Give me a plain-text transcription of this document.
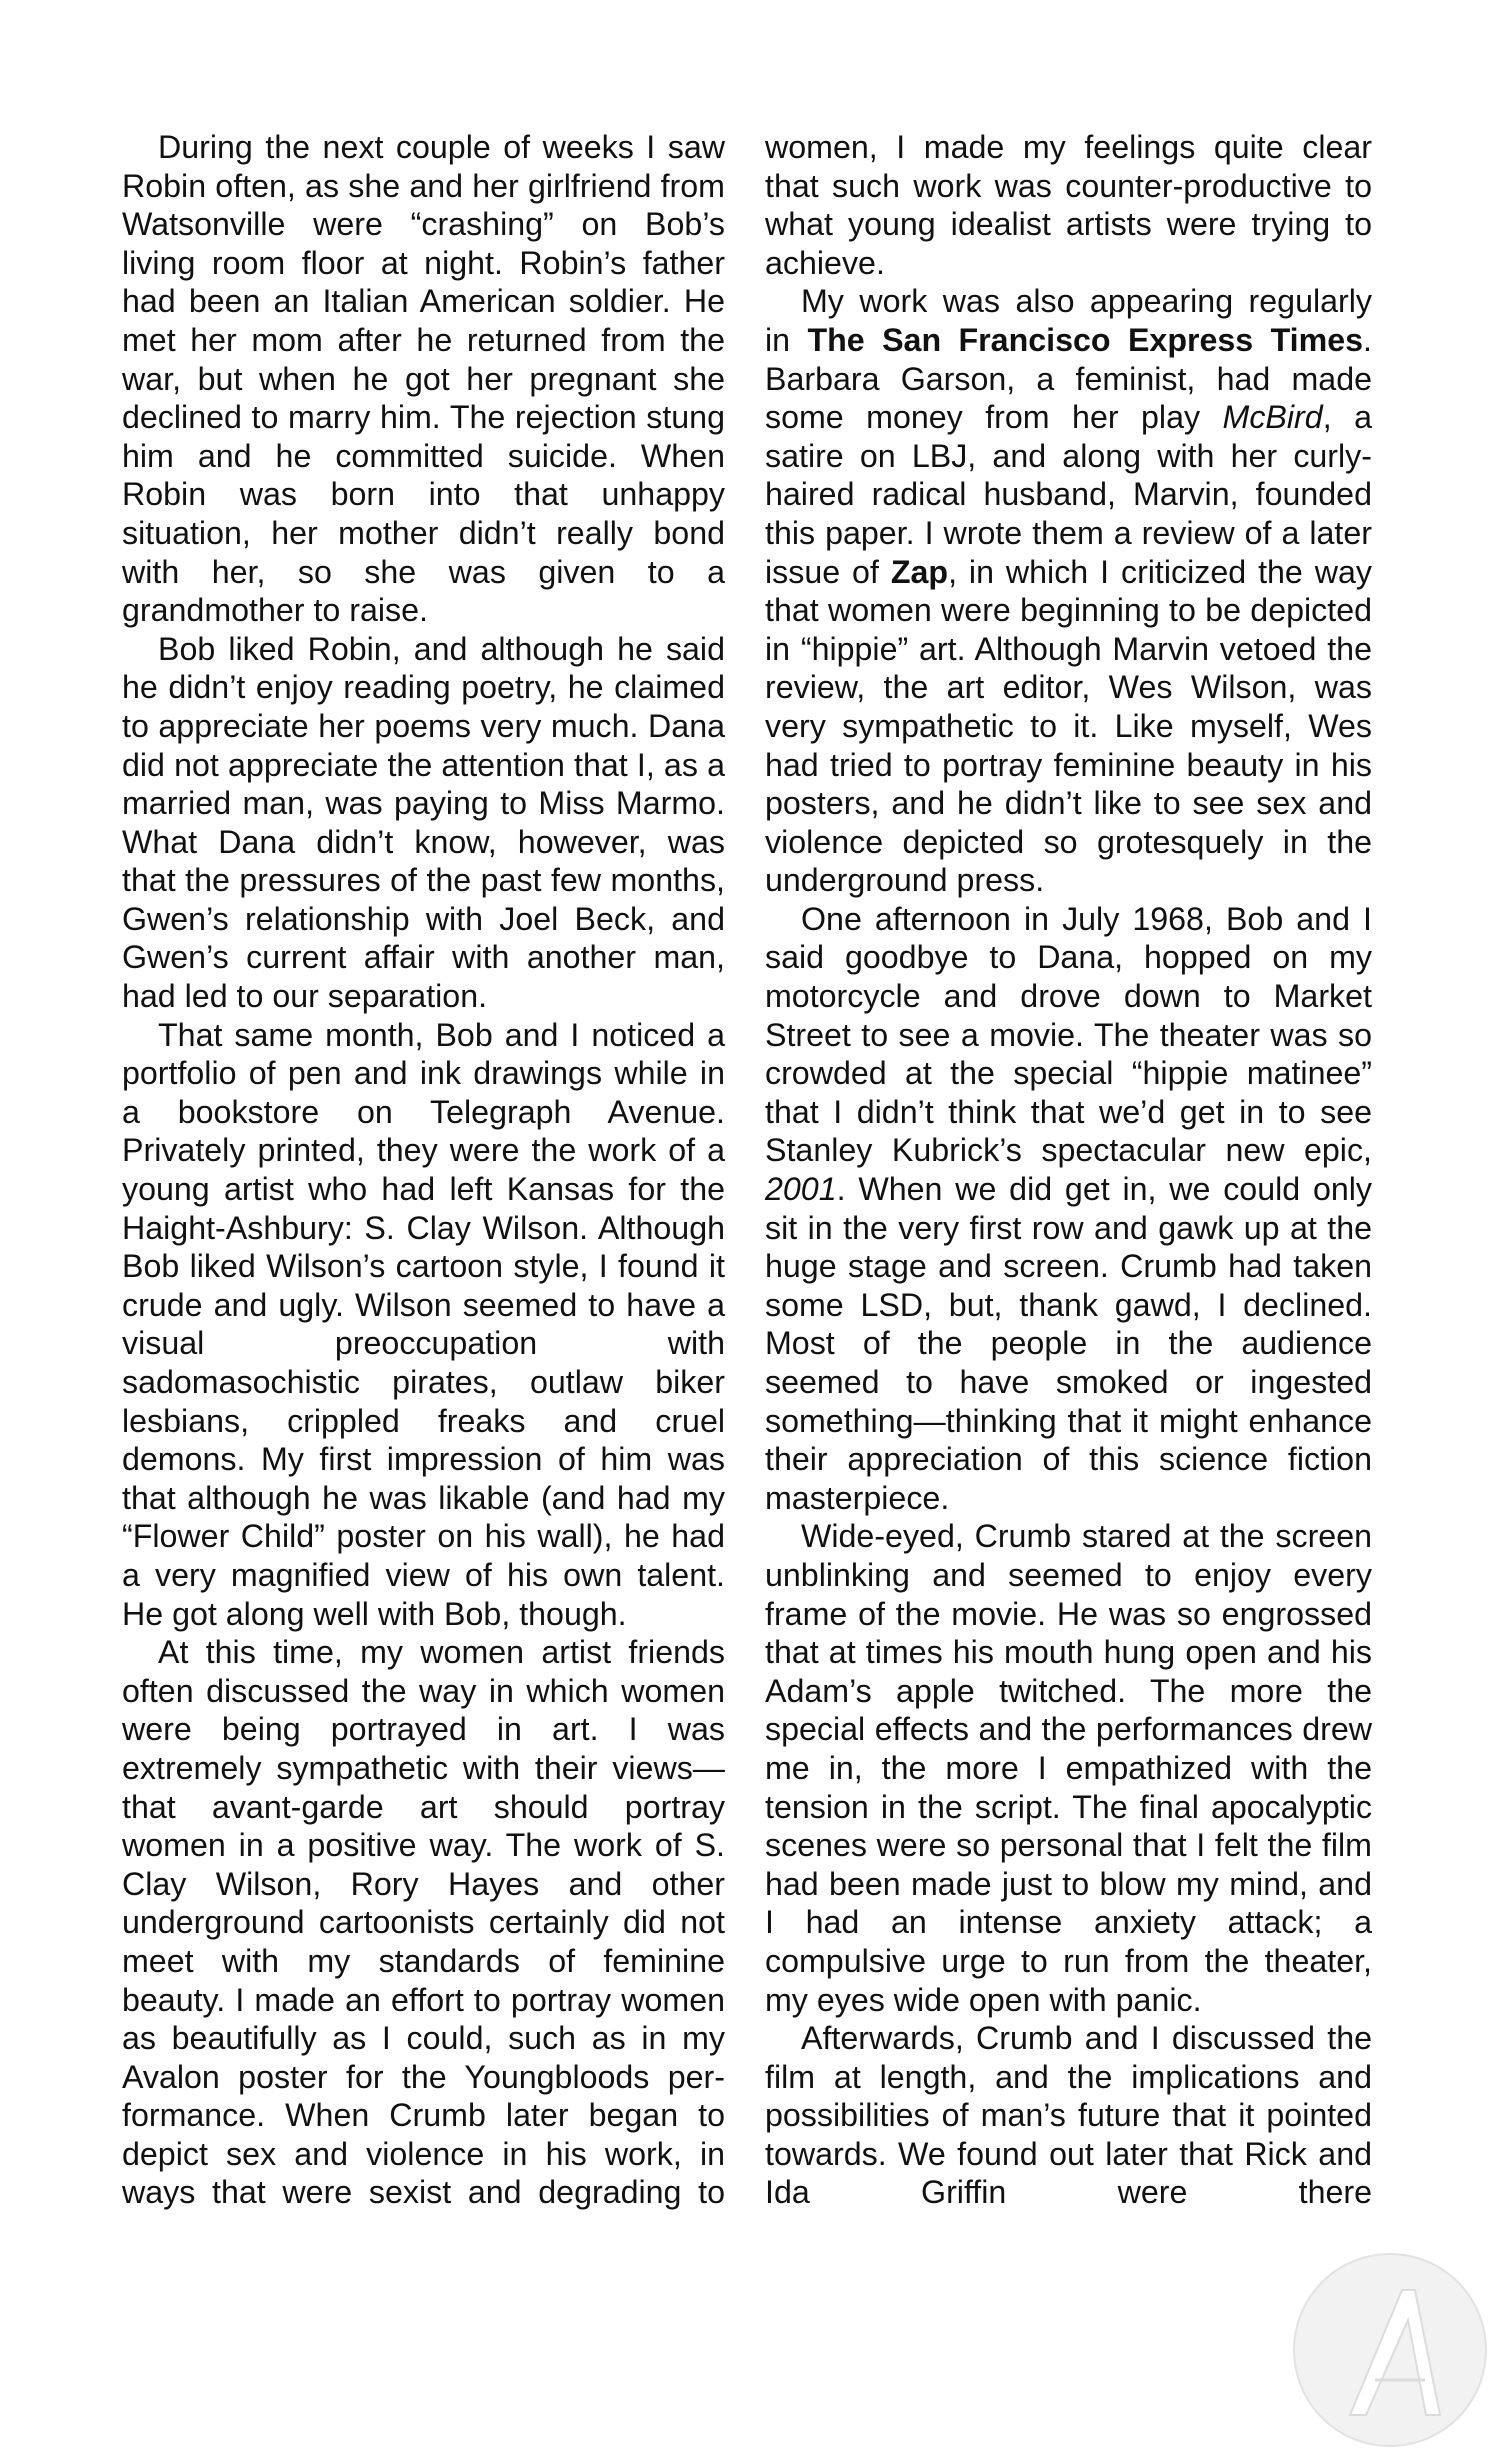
During the next couple of weeks I saw Robin often, as she and her girlfriend from Watsonville were “crashing” on Bob’s living room floor at night. Robin’s father had been an Italian American soldier. He met her mom after he returned from the war, but when he got her pregnant she declined to marry him. The rejection stung him and he committed suicide. When Robin was born into that unhappy situation, her mother didn’t really bond with her, so she was given to a grandmother to raise.

Bob liked Robin, and although he said he didn’t enjoy reading poetry, he claimed to appreciate her poems very much. Dana did not appreciate the attention that I, as a married man, was paying to Miss Marmo. What Dana didn’t know, however, was that the pressures of the past few months, Gwen’s relationship with Joel Beck, and Gwen’s current affair with another man, had led to our separation.

That same month, Bob and I noticed a portfolio of pen and ink drawings while in a bookstore on Telegraph Avenue. Privately printed, they were the work of a young artist who had left Kansas for the Haight-Ashbury: S. Clay Wilson. Although Bob liked Wilson’s cartoon style, I found it crude and ugly. Wilson seemed to have a visual preoccupation with sadomasochistic pirates, outlaw biker lesbians, crippled freaks and cruel demons. My first impression of him was that although he was likable (and had my “Flower Child” poster on his wall), he had a very magnified view of his own talent. He got along well with Bob, though.

At this time, my women artist friends often discussed the way in which women were being portrayed in art. I was extremely sympathetic with their views—that avant-garde art should portray women in a positive way. The work of S. Clay Wilson, Rory Hayes and other underground cartoonists certainly did not meet with my standards of feminine beauty. I made an effort to portray women as beautifully as I could, such as in my Avalon poster for the Youngbloods performance. When Crumb later began to depict sex and violence in his work, in ways that were sexist and degrading to

women, I made my feelings quite clear that such work was counter-productive to what young idealist artists were trying to achieve.

My work was also appearing regularly in The San Francisco Express Times. Barbara Garson, a feminist, had made some money from her play McBird, a satire on LBJ, and along with her curly-haired radical husband, Marvin, founded this paper. I wrote them a review of a later issue of Zap, in which I criticized the way that women were beginning to be depicted in “hippie” art. Although Marvin vetoed the review, the art editor, Wes Wilson, was very sympathetic to it. Like myself, Wes had tried to portray feminine beauty in his posters, and he didn’t like to see sex and violence depicted so grotesquely in the underground press.

One afternoon in July 1968, Bob and I said goodbye to Dana, hopped on my motorcycle and drove down to Market Street to see a movie. The theater was so crowded at the special “hippie matinee” that I didn’t think that we’d get in to see Stanley Kubrick’s spectacular new epic, 2001. When we did get in, we could only sit in the very first row and gawk up at the huge stage and screen. Crumb had taken some LSD, but, thank gawd, I declined. Most of the people in the audience seemed to have smoked or ingested something—thinking that it might enhance their appreciation of this science fiction masterpiece.

Wide-eyed, Crumb stared at the screen unblinking and seemed to enjoy every frame of the movie. He was so engrossed that at times his mouth hung open and his Adam’s apple twitched. The more the special effects and the performances drew me in, the more I empathized with the tension in the script. The final apocalyptic scenes were so personal that I felt the film had been made just to blow my mind, and I had an intense anxiety attack; a compulsive urge to run from the theater, my eyes wide open with panic.

Afterwards, Crumb and I discussed the film at length, and the implications and possibilities of man’s future that it pointed towards. We found out later that Rick and Ida Griffin were there
